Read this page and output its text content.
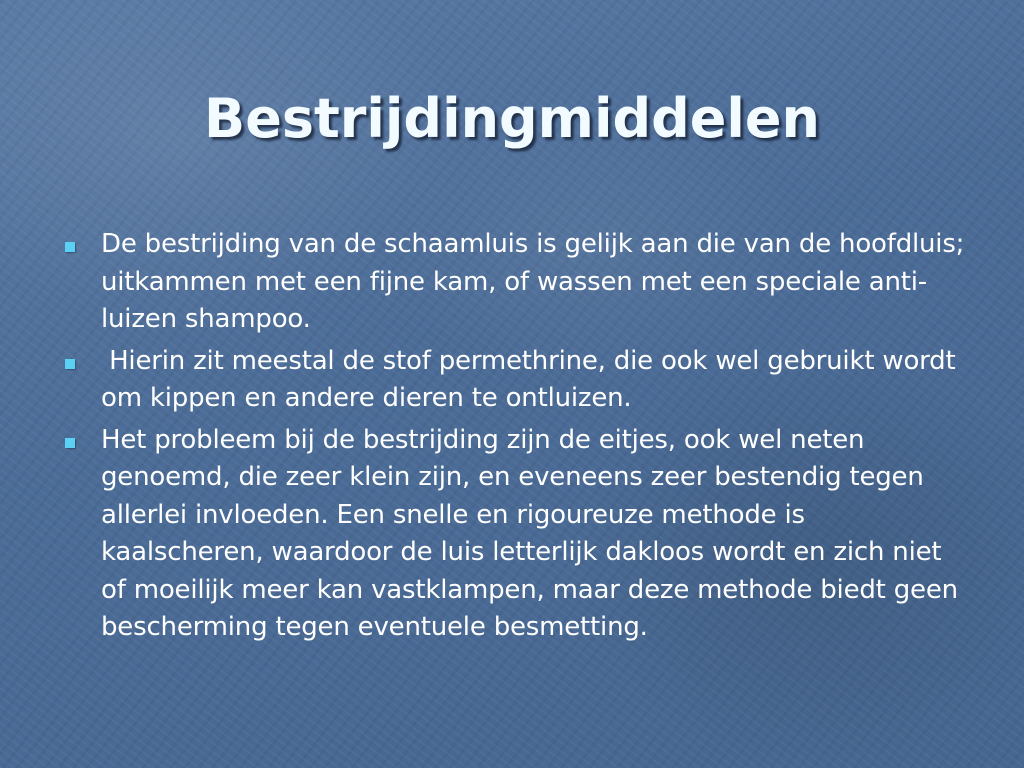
Bestrijdingmiddelen
De bestrijding van de schaamluis is gelijk aan die van de hoofdluis; uitkammen met een fijne kam, of wassen met een speciale anti-luizen shampoo.
Hierin zit meestal de stof permethrine, die ook wel gebruikt wordt om kippen en andere dieren te ontluizen.
Het probleem bij de bestrijding zijn de eitjes, ook wel neten genoemd, die zeer klein zijn, en eveneens zeer bestendig tegen allerlei invloeden. Een snelle en rigoureuze methode is kaalscheren, waardoor de luis letterlijk dakloos wordt en zich niet of moeilijk meer kan vastklampen, maar deze methode biedt geen bescherming tegen eventuele besmetting.
